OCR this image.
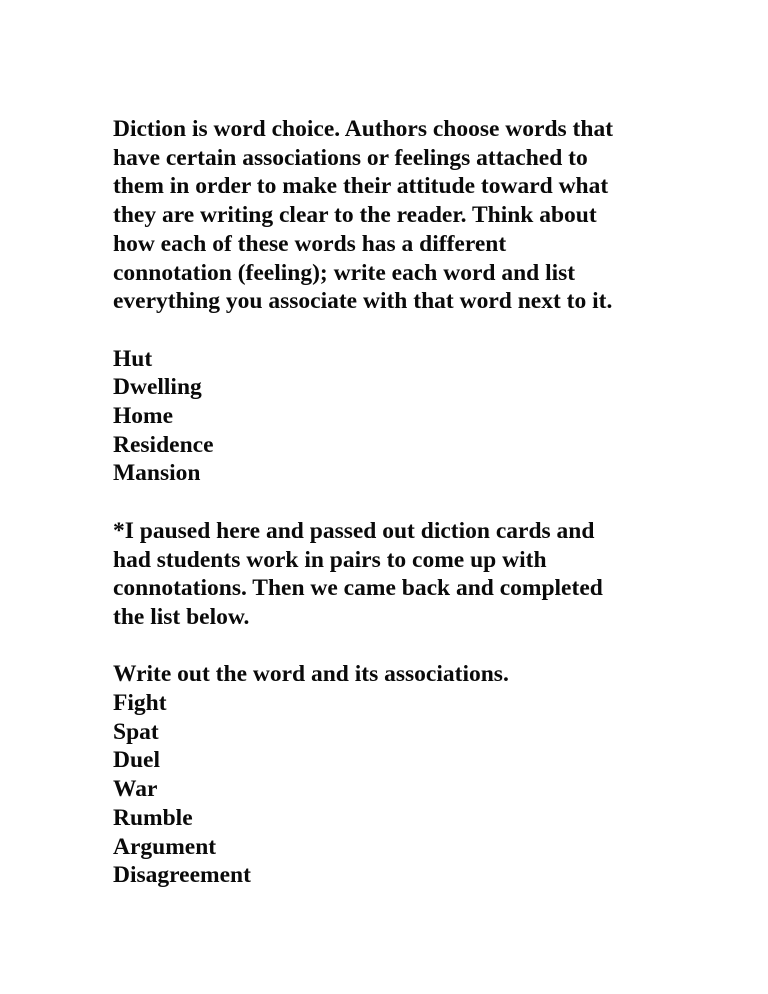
Diction is word choice. Authors choose words that
have certain associations or feelings attached to
them in order to make their attitude toward what
they are writing clear to the reader. Think about
how each of these words has a different
connotation (feeling); write each word and list
everything you associate with that word next to it.
Hut
Dwelling
Home
Residence
Mansion
*I paused here and passed out diction cards and
had students work in pairs to come up with
connotations. Then we came back and completed
the list below.
Write out the word and its associations.
Fight
Spat
Duel
War
Rumble
Argument
Disagreement
